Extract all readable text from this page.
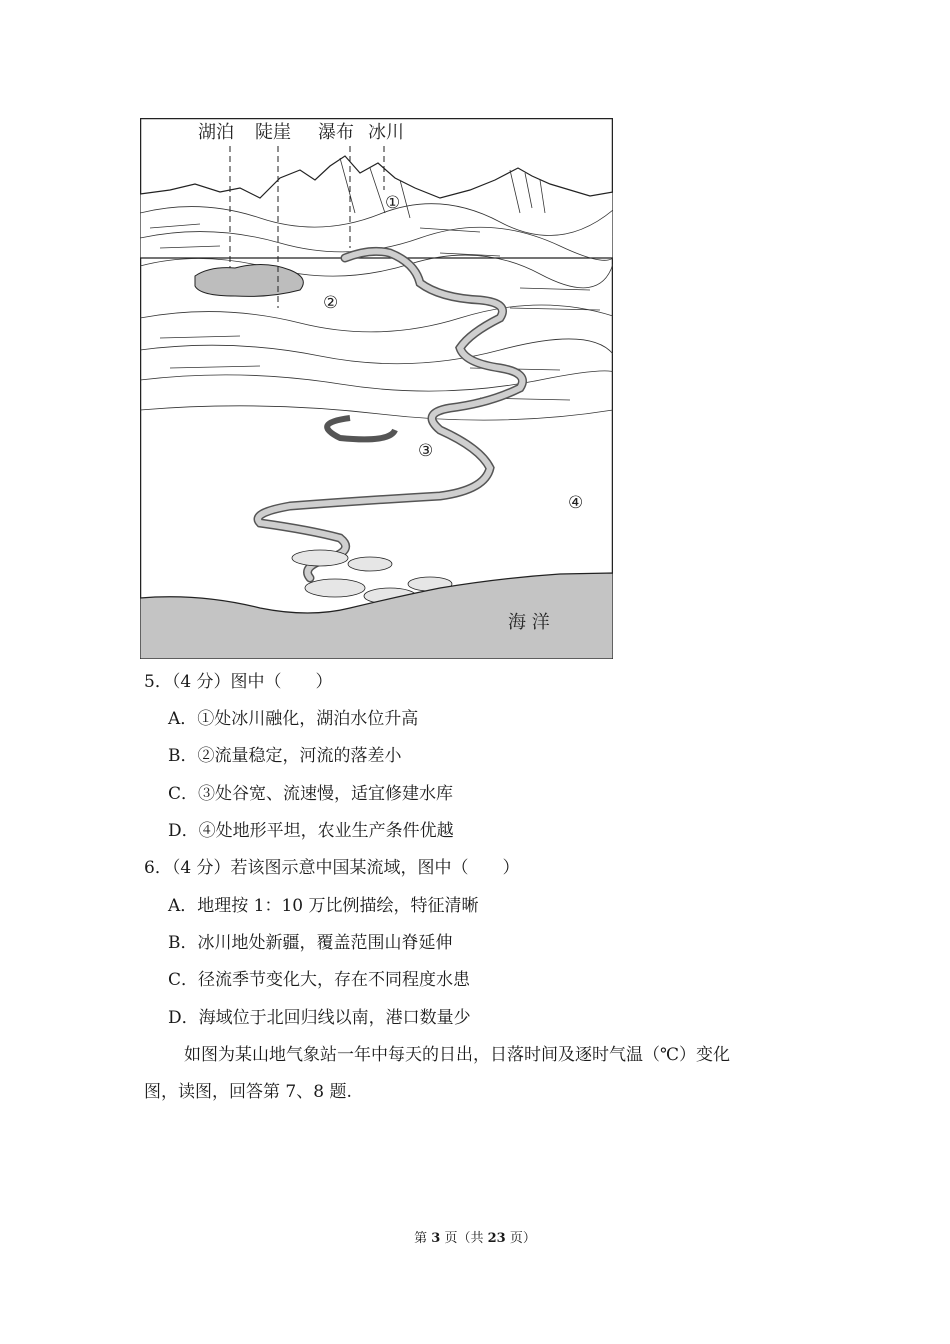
湖泊 陡崖 瀑布 冰川
①
②
③
④
海 洋
5．（4 分）图中（　　）
A．①处冰川融化，湖泊水位升高
B．②流量稳定，河流的落差小
C．③处谷宽、流速慢，适宜修建水库
D．④处地形平坦，农业生产条件优越
6．（4 分）若该图示意中国某流域，图中（　　）
A．地理按 1：10 万比例描绘，特征清晰
B．冰川地处新疆，覆盖范围山脊延伸
C．径流季节变化大，存在不同程度水患
D．海域位于北回归线以南，港口数量少
如图为某山地气象站一年中每天的日出，日落时间及逐时气温（℃）变化
图，读图，回答第 7、8 题.
第 3 页（共 23 页）
